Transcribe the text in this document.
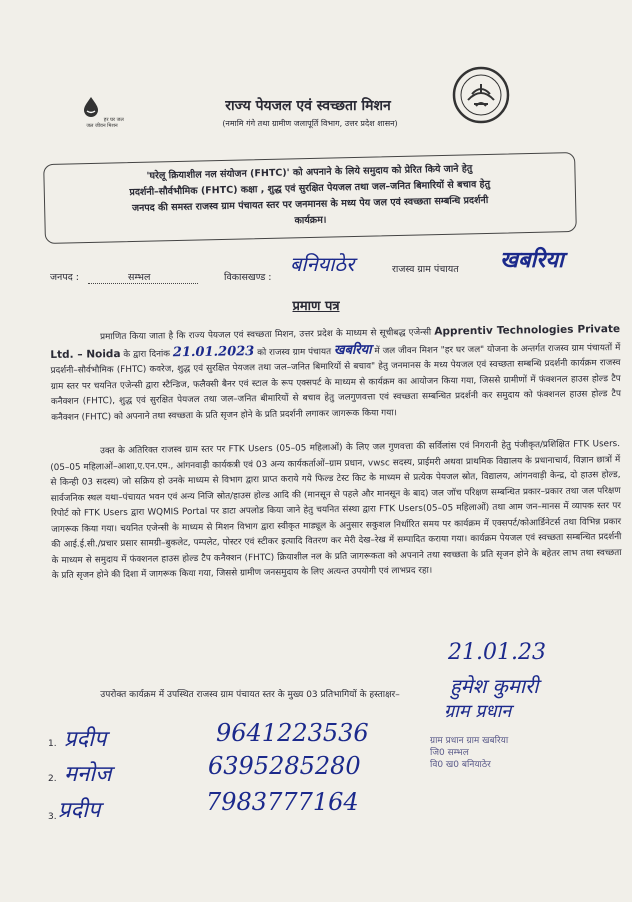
हर घर जल जल जीवन मिशन
राज्य पेयजल एवं स्वच्छता मिशन
(नमामि गंगे तथा ग्रामीण जलापूर्ति विभाग, उत्तर प्रदेश शासन)
'घरेलू क्रियाशील नल संयोजन (FHTC)' को अपनाने के लिये समुदाय को प्रेरित किये जाने हेतु
प्रदर्शनी–सौर्वभौमिक (FHTC) कक्षा , शुद्ध एवं सुरक्षित पेयजल तथा जल–जनित बिमारियों से बचाव हेतु
जनपद की समस्त राजस्व ग्राम पंचायत स्तर पर जनमानस के मध्य पेय जल एवं स्वच्छता सम्बन्धि प्रदर्शनी
कार्यक्रम।
जनपद :	सम्भल	विकासखण्ड :
बनियाठेर	राजस्व ग्राम पंचायत खबरिया
प्रमाण पत्र
प्रमाणित किया जाता है कि राज्य पेयजल एवं स्वच्छता मिशन, उत्तर प्रदेश के माध्यम से सूचीबद्ध एजेन्सी Apprentiv Technologies Private Ltd. – Noida के द्वारा दिनांक 21.01.2023 को राजस्व ग्राम पंचायत खबरिया में जल जीवन मिशन "हर घर जल" योजना के अन्तर्गत राजस्व ग्राम पंचायतों में प्रदर्शनी–सौर्वभौमिक (FHTC) कवरेज, शुद्ध एवं सुरक्षित पेयजल तथा जल–जनित बिमारियों से बचाव" हेतु जनमानस के मध्य पेयजल एवं स्वच्छता सम्बन्धि प्रदर्शनी कार्यक्रम राजस्व ग्राम स्तर पर चयनित एजेन्सी द्वारा स्टैन्डिज, फलैक्सी बैनर एवं स्टाल के रूप एक्सपर्ट के माध्यम से कार्यक्रम का आयोजन किया गया, जिससे ग्रामीणों में फंक्शनल हाउस होल्ड टैप कनैक्शन (FHTC), शुद्ध एवं सुरक्षित पेयजल तथा जल–जनित बीमारियों से बचाव हेतु जलगुणवत्ता एवं स्वच्छता सम्बन्धित प्रदर्शनी कर समुदाय को फंक्शनल हाउस होल्ड टैप कनैक्शन (FHTC) को अपनाने तथा स्वच्छता के प्रति सृजन होने के प्रति प्रदर्शनी लगाकर जागरूक किया गया।
उक्त के अतिरिक्त राजस्व ग्राम स्तर पर FTK Users (05–05 महिलाओं) के लिए जल गुणवत्ता की सर्विलांस एवं निगरानी हेतु पंजीकृत/प्रशिक्षित FTK Users.(05–05 महिलाओं–आशा,ए.एन.एम., आंगनवाड़ी कार्यकत्री एवं 03 अन्य कार्यकर्ताओं–ग्राम प्रधान, vwsc सदस्य, प्राईमरी अथवा प्राथमिक विद्यालय के प्रधानाचार्य, विज्ञान छात्रों में से किन्ही 03 सदस्य) जो सक्रिय हो उनके माध्यम से विभाग द्वारा प्राप्त कराये गये फिल्ड टेस्ट किट के माध्यम से प्रत्येक पेयजल स्रोत, विद्यालय, आंगनवाड़ी केन्द्र, दो हाउस होल्ड, सार्वजनिक स्थल यथा–पंचायत भवन एवं अन्य निजि स्रोत/हाउस होल्ड आदि की (मानसून से पहले और मानसून के बाद) जल जॉच परिक्षण सम्बन्धित प्रकार–प्रकार तथा जल परिक्षण रिपोर्ट को FTK Users द्वारा WQMIS Portal पर डाटा अपलोड किया जाने हेतु चयनित संस्था द्वारा FTK Users(05–05 महिलाओं) तथा आम जन–मानस में व्यापक स्तर पर जागरूक किया गया। चयनित एजेन्सी के माध्यम से मिशन विभाग द्वारा स्वीकृत माड्यूल के अनुसार सकुशल निर्धारित समय पर कार्यक्रम में एक्सपर्ट/कोआर्डिनेटर्स तथा विभिन्न प्रकार की आई.ई.सी./प्रचार प्रसार सामग्री–बुकलेट, पम्पलेट, पोस्टर एवं स्टीकर इत्यादि वितरण कर मेरी देख–रेख में सम्पादित कराया गया। कार्यक्रम पेयजल एवं स्वच्छता सम्बन्धित प्रदर्शनी के माध्यम से समुदाय में फंक्शनल हाउस होल्ड टैप कनैक्शन (FHTC) क्रियाशील नल के प्रति जागरूकता को अपनाने तथा स्वच्छता के प्रति सृजन होने के बहेतर लाभ तथा स्वच्छता के प्रति सृजन होने की दिशा में जागरूक किया गया, जिससे ग्रामीण जनसमुदाय के लिए अत्यन्त उपयोगी एवं लाभप्रद रहा।
21.01.23
उपरोक्त कार्यक्रम में उपस्थित राजस्व ग्राम पंचायत स्तर के मुख्य 03 प्रतिभागियों के हस्ताक्षर–	हुमेश कुमारी
ग्राम प्रधान
ग्राम प्रधान ग्राम खबरिया
जि0 सम्भल
वि0 ख0 बनियाठेर
1. प्रदीप	9641223536
2. मनोज	6395285280
3. प्रदीप	7983777164
